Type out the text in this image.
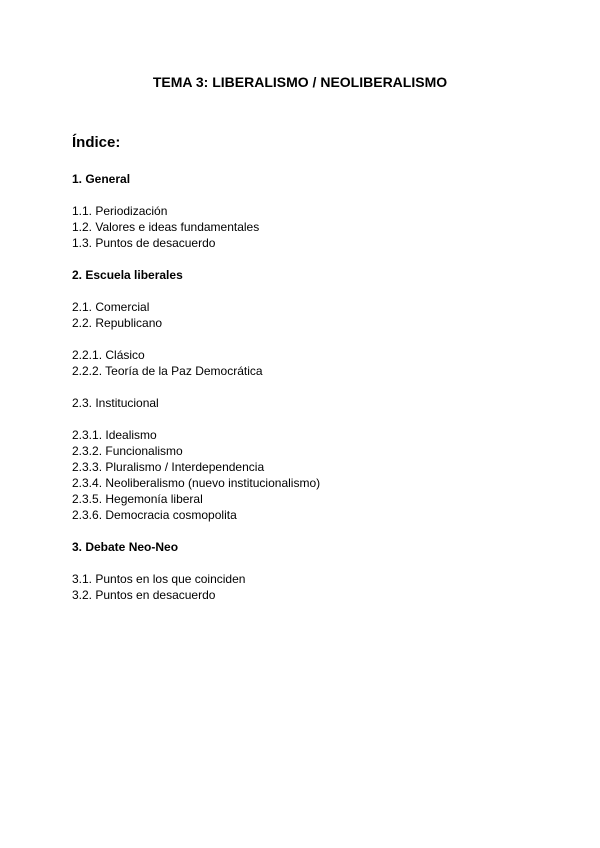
TEMA 3: LIBERALISMO / NEOLIBERALISMO
Índice:
1. General
1.1. Periodización
1.2. Valores e ideas fundamentales
1.3. Puntos de desacuerdo
2. Escuela liberales
2.1. Comercial
2.2. Republicano
2.2.1. Clásico
2.2.2. Teoría de la Paz Democrática
2.3. Institucional
2.3.1. Idealismo
2.3.2. Funcionalismo
2.3.3. Pluralismo / Interdependencia
2.3.4. Neoliberalismo (nuevo institucionalismo)
2.3.5. Hegemonía liberal
2.3.6. Democracia cosmopolita
3. Debate Neo-Neo
3.1. Puntos en los que coinciden
3.2. Puntos en desacuerdo
